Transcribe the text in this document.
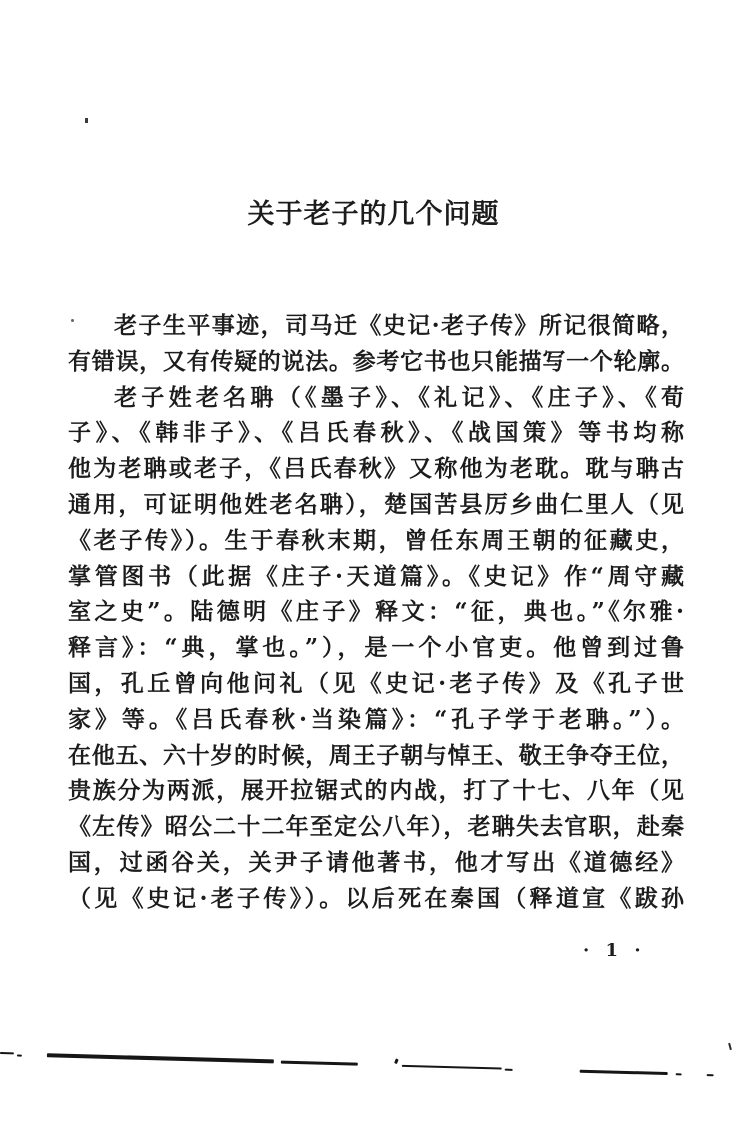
关于老子的几个问题
老子生平事迹，司马迁《史记·老子传》所记很简略，
有错误，又有传疑的说法。参考它书也只能描写一个轮廓。
老子姓老名聃（《墨子》、《礼记》、《庄子》、《荀
子》、《韩非子》、《吕氏春秋》、《战国策》等书均称
他为老聃或老子，《吕氏春秋》又称他为老耽。耽与聃古
通用，可证明他姓老名聃），楚国苦县厉乡曲仁里人（见
《老子传》）。生于春秋末期，曾任东周王朝的征藏史，
掌管图书（此据《庄子·天道篇》。《史记》作“周守藏
室之史”。陆德明《庄子》释文：“征，典也。”《尔雅·
释言》：“典，掌也。”），是一个小官吏。他曾到过鲁
国，孔丘曾向他问礼（见《史记·老子传》及《孔子世
家》等。《吕氏春秋·当染篇》：“孔子学于老聃。”）。
在他五、六十岁的时候，周王子朝与悼王、敬王争夺王位，
贵族分为两派，展开拉锯式的内战，打了十七、八年（见
《左传》昭公二十二年至定公八年），老聃失去官职，赴秦
国，过函谷关，关尹子请他著书，他才写出《道德经》
（见《史记·老子传》）。以后死在秦国（释道宣《跋孙
· 1 ·
